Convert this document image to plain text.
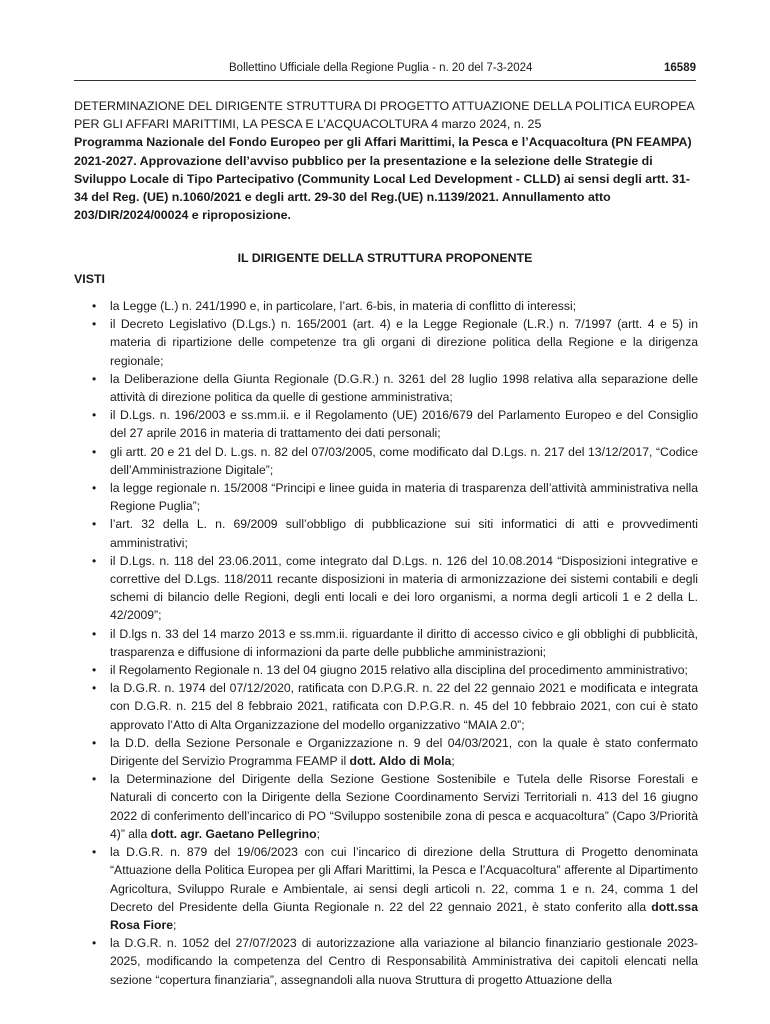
Bollettino Ufficiale della Regione Puglia - n. 20 del 7-3-2024	16589
DETERMINAZIONE DEL DIRIGENTE STRUTTURA DI PROGETTO ATTUAZIONE DELLA POLITICA EUROPEA PER GLI AFFARI MARITTIMI, LA PESCA E L’ACQUACOLTURA 4 marzo 2024, n. 25
Programma Nazionale del Fondo Europeo per gli Affari Marittimi, la Pesca e l’Acquacoltura (PN FEAMPA) 2021-2027. Approvazione dell’avviso pubblico per la presentazione e la selezione delle Strategie di Sviluppo Locale di Tipo Partecipativo (Community Local Led Development - CLLD) ai sensi degli artt. 31-34 del Reg. (UE) n.1060/2021 e degli artt. 29-30 del Reg.(UE) n.1139/2021. Annullamento atto 203/DIR/2024/00024 e riproposizione.
IL DIRIGENTE DELLA STRUTTURA PROPONENTE
VISTI
• la Legge (L.) n. 241/1990 e, in particolare, l’art. 6-bis, in materia di conflitto di interessi;
• il Decreto Legislativo (D.Lgs.) n. 165/2001 (art. 4) e la Legge Regionale (L.R.) n. 7/1997 (artt. 4 e 5) in materia di ripartizione delle competenze tra gli organi di direzione politica della Regione e la dirigenza regionale;
• la Deliberazione della Giunta Regionale (D.G.R.) n. 3261 del 28 luglio 1998 relativa alla separazione delle attività di direzione politica da quelle di gestione amministrativa;
• il D.Lgs. n. 196/2003 e ss.mm.ii. e il Regolamento (UE) 2016/679 del Parlamento Europeo e del Consiglio del 27 aprile 2016 in materia di trattamento dei dati personali;
• gli artt. 20 e 21 del D. L.gs. n. 82 del 07/03/2005, come modificato dal D.Lgs. n. 217 del 13/12/2017, “Codice dell’Amministrazione Digitale”;
• la legge regionale n. 15/2008 “Principi e linee guida in materia di trasparenza dell’attività amministrativa nella Regione Puglia”;
• l’art. 32 della L. n. 69/2009 sull’obbligo di pubblicazione sui siti informatici di atti e provvedimenti amministrativi;
• il D.Lgs. n. 118 del 23.06.2011, come integrato dal D.Lgs. n. 126 del 10.08.2014 “Disposizioni integrative e correttive del D.Lgs. 118/2011 recante disposizioni in materia di armonizzazione dei sistemi contabili e degli schemi di bilancio delle Regioni, degli enti locali e dei loro organismi, a norma degli articoli 1 e 2 della L. 42/2009”;
• il D.lgs n. 33 del 14 marzo 2013 e ss.mm.ii. riguardante il diritto di accesso civico e gli obblighi di pubblicità, trasparenza e diffusione di informazioni da parte delle pubbliche amministrazioni;
• il Regolamento Regionale n. 13 del 04 giugno 2015 relativo alla disciplina del procedimento amministrativo;
• la D.G.R. n. 1974 del 07/12/2020, ratificata con D.P.G.R. n. 22 del 22 gennaio 2021 e modificata e integrata con D.G.R. n. 215 del 8 febbraio 2021, ratificata con D.P.G.R. n. 45 del 10 febbraio 2021, con cui è stato approvato l’Atto di Alta Organizzazione del modello organizzativo “MAIA 2.0”;
• la D.D. della Sezione Personale e Organizzazione n. 9 del 04/03/2021, con la quale è stato confermato Dirigente del Servizio Programma FEAMP il dott. Aldo di Mola;
• la Determinazione del Dirigente della Sezione Gestione Sostenibile e Tutela delle Risorse Forestali e Naturali di concerto con la Dirigente della Sezione Coordinamento Servizi Territoriali n. 413 del 16 giugno 2022 di conferimento dell’incarico di PO “Sviluppo sostenibile zona di pesca e acquacoltura” (Capo 3/Priorità 4)” alla dott. agr. Gaetano Pellegrino;
• la D.G.R. n. 879 del 19/06/2023 con cui l’incarico di direzione della Struttura di Progetto denominata “Attuazione della Politica Europea per gli Affari Marittimi, la Pesca e l’Acquacoltura” afferente al Dipartimento Agricoltura, Sviluppo Rurale e Ambientale, ai sensi degli articoli n. 22, comma 1 e n. 24, comma 1 del Decreto del Presidente della Giunta Regionale n. 22 del 22 gennaio 2021, è stato conferito alla dott.ssa Rosa Fiore;
• la D.G.R. n. 1052 del 27/07/2023 di autorizzazione alla variazione al bilancio finanziario gestionale 2023-2025, modificando la competenza del Centro di Responsabilità Amministrativa dei capitoli elencati nella sezione “copertura finanziaria”, assegnandoli alla nuova Struttura di progetto Attuazione della
